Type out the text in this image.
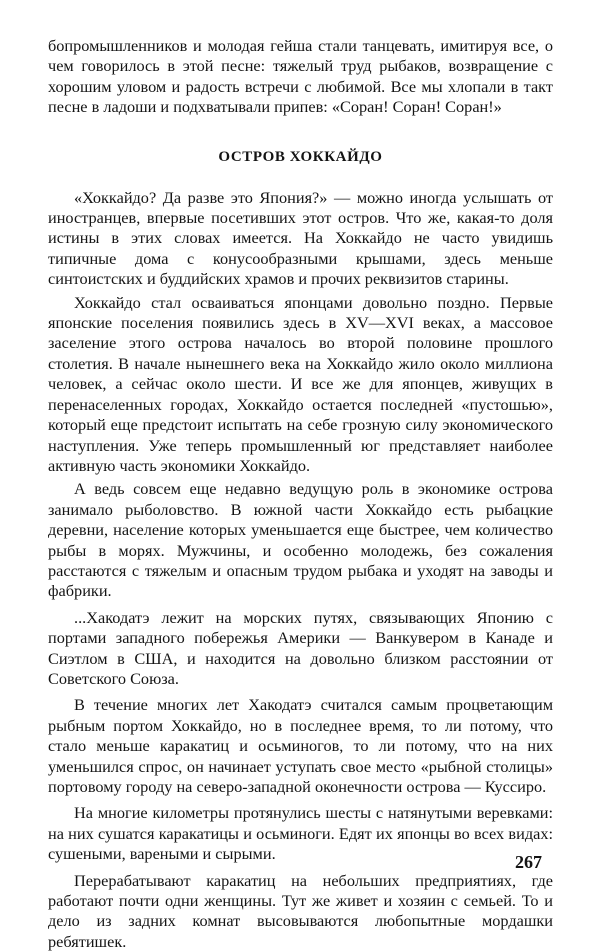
бопромышленников и молодая гейша стали танцевать, имитируя все, о чем говорилось в этой песне: тяжелый труд рыбаков, возвращение с хорошим уловом и радость встречи с любимой. Все мы хлопали в такт песне в ладоши и подхватывали припев: «Соран! Соран! Соран!»

ОСТРОВ ХОККАЙДО

«Хоккайдо? Да разве это Япония?» — можно иногда услышать от иностранцев, впервые посетивших этот остров. Что же, какая-то доля истины в этих словах имеется. На Хоккайдо не часто увидишь типичные дома с конусообразными крышами, здесь меньше синтоистских и буддийских храмов и прочих реквизитов старины.

Хоккайдо стал осваиваться японцами довольно поздно. Первые японские поселения появились здесь в XV—XVI веках, а массовое заселение этого острова началось во второй половине прошлого столетия. В начале нынешнего века на Хоккайдо жило около миллиона человек, а сейчас около шести. И все же для японцев, живущих в перенаселенных городах, Хоккайдо остается последней «пустошью», который еще предстоит испытать на себе грозную силу экономического наступления. Уже теперь промышленный юг представляет наиболее активную часть экономики Хоккайдо.

А ведь совсем еще недавно ведущую роль в экономике острова занимало рыболовство. В южной части Хоккайдо есть рыбацкие деревни, население которых уменьшается еще быстрее, чем количество рыбы в морях. Мужчины, и особенно молодежь, без сожаления расстаются с тяжелым и опасным трудом рыбака и уходят на заводы и фабрики.

...Хакодатэ лежит на морских путях, связывающих Японию с портами западного побережья Америки — Ванкувером в Канаде и Сиэтлом в США, и находится на довольно близком расстоянии от Советского Союза.

В течение многих лет Хакодатэ считался самым процветающим рыбным портом Хоккайдо, но в последнее время, то ли потому, что стало меньше каракатиц и осьминогов, то ли потому, что на них уменьшился спрос, он начинает уступать свое место «рыбной столицы» портовому городу на северо-западной оконечности острова — Куссиро.

На многие километры протянулись шесты с натянутыми веревками: на них сушатся каракатицы и осьминоги. Едят их японцы во всех видах: сушеными, вареными и сырыми.

Перерабатывают каракатиц на небольших предприятиях, где работают почти одни женщины. Тут же живет и хозяин с семьей. То и дело из задних комнат высовываются любопытные мордашки ребятишек.

267
